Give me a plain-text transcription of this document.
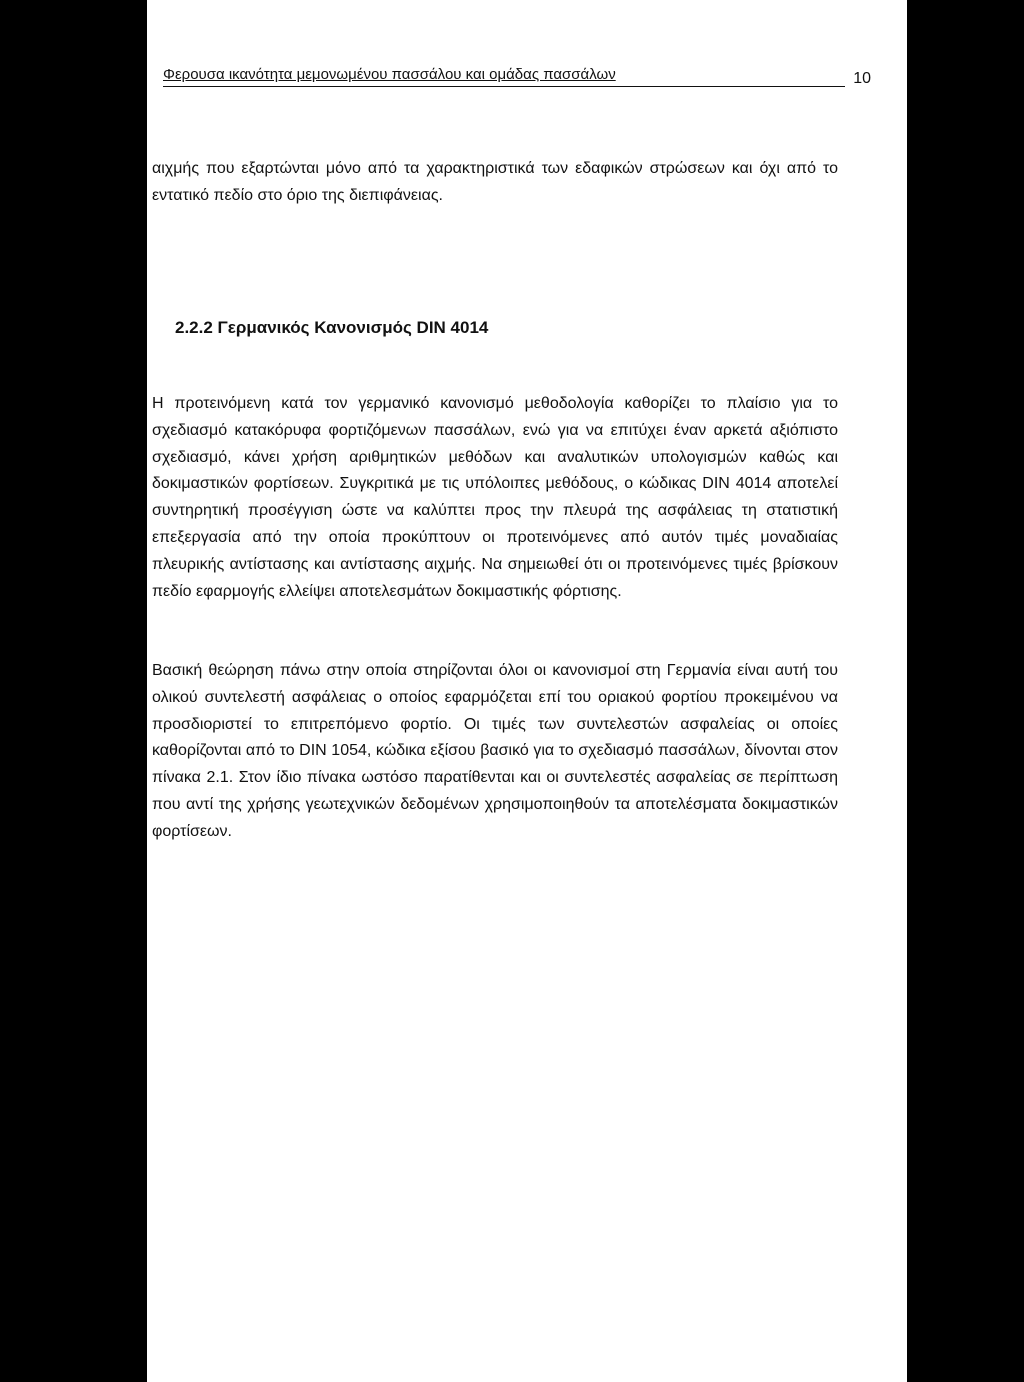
Φερουσα ικανότητα μεμονωμένου πασσάλου και ομάδας πασσάλων	10

αιχμής που εξαρτώνται μόνο από τα χαρακτηριστικά των εδαφικών στρώσεων και όχι από το εντατικό πεδίο στο όριο της διεπιφάνειας.

2.2.2 Γερμανικός Κανονισμός DIN 4014

Η προτεινόμενη κατά τον γερμανικό κανονισμό μεθοδολογία καθορίζει το πλαίσιο για το σχεδιασμό κατακόρυφα φορτιζόμενων πασσάλων, ενώ για να επιτύχει έναν αρκετά αξιόπιστο σχεδιασμό, κάνει χρήση αριθμητικών μεθόδων και αναλυτικών υπολογισμών καθώς και δοκιμαστικών φορτίσεων. Συγκριτικά με τις υπόλοιπες μεθόδους, ο κώδικας DIN 4014 αποτελεί συντηρητική προσέγγιση ώστε να καλύπτει προς την πλευρά της ασφάλειας τη στατιστική επεξεργασία από την οποία προκύπτουν οι προτεινόμενες από αυτόν τιμές μοναδιαίας πλευρικής αντίστασης και αντίστασης αιχμής. Να σημειωθεί ότι οι προτεινόμενες τιμές βρίσκουν πεδίο εφαρμογής ελλείψει αποτελεσμάτων δοκιμαστικής φόρτισης.

Βασική θεώρηση πάνω στην οποία στηρίζονται όλοι οι κανονισμοί στη Γερμανία είναι αυτή του ολικού συντελεστή ασφάλειας ο οποίος εφαρμόζεται επί του οριακού φορτίου προκειμένου να προσδιοριστεί το επιτρεπόμενο φορτίο. Οι τιμές των συντελεστών ασφαλείας οι οποίες καθορίζονται από το DIN 1054, κώδικα εξίσου βασικό για το σχεδιασμό πασσάλων, δίνονται στον πίνακα 2.1. Στον ίδιο πίνακα ωστόσο παρατίθενται και οι συντελεστές ασφαλείας σε περίπτωση που αντί της χρήσης γεωτεχνικών δεδομένων χρησιμοποιηθούν τα αποτελέσματα δοκιμαστικών φορτίσεων.
